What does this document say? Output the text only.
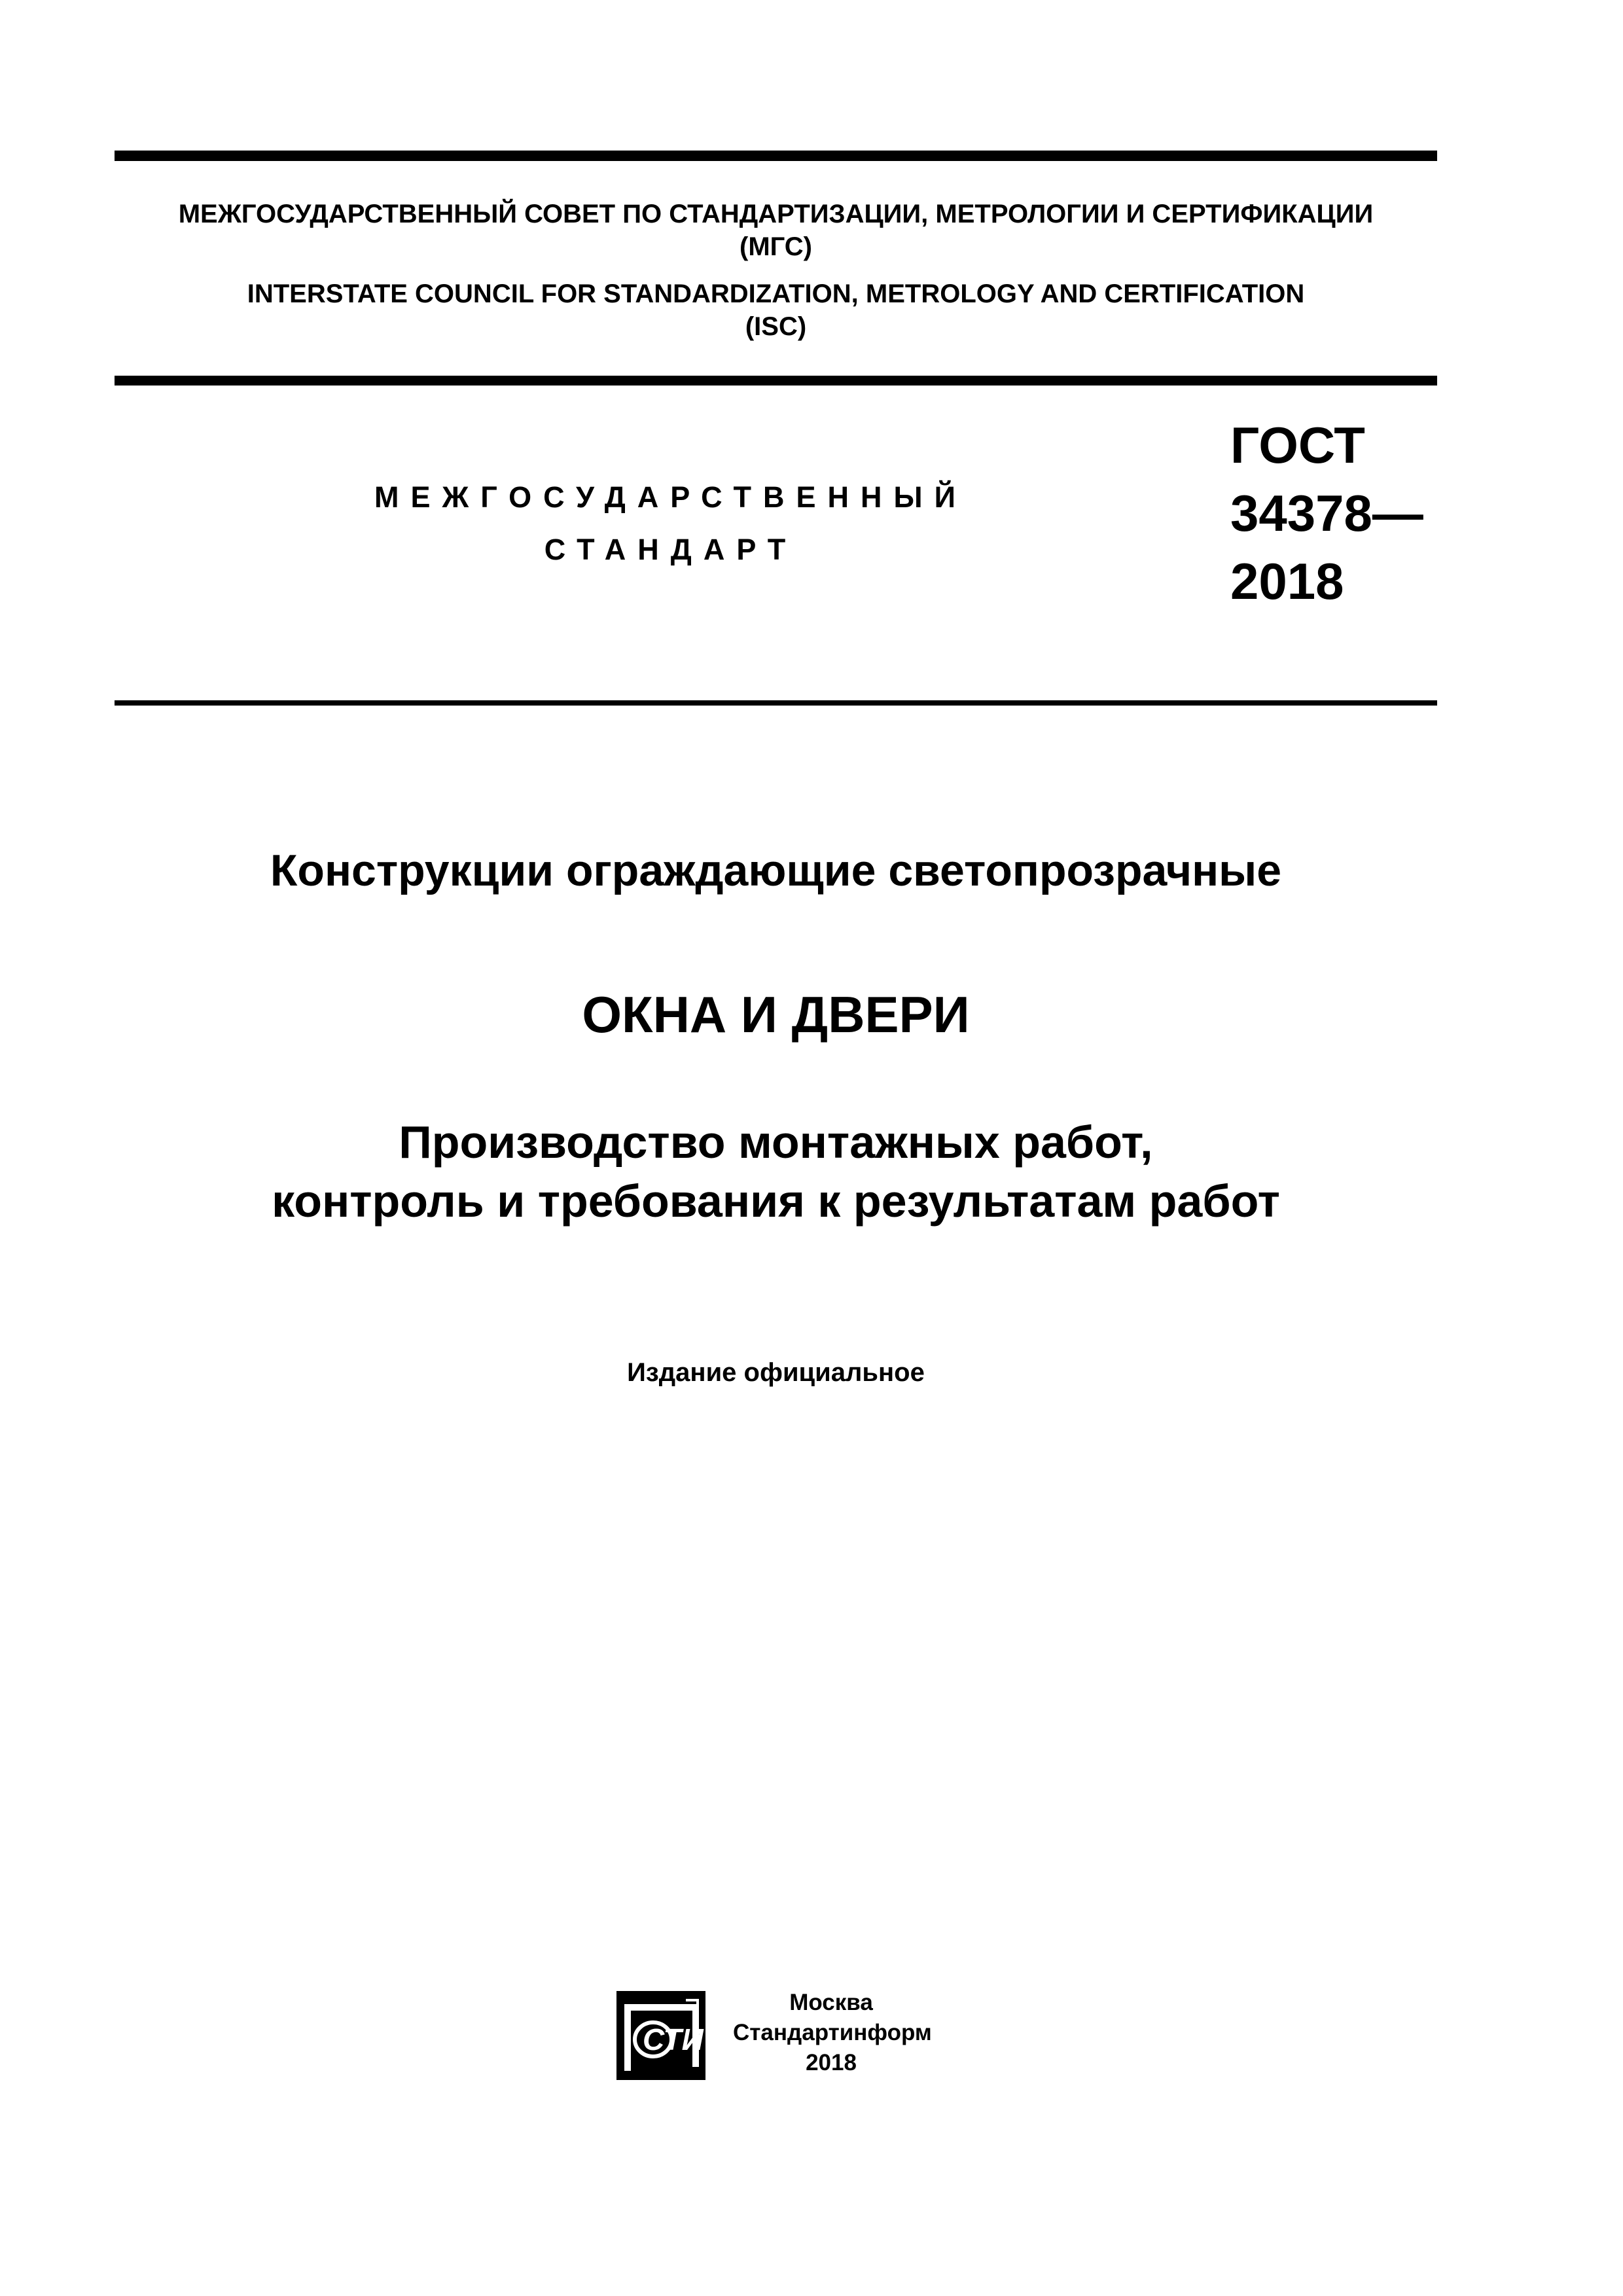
МЕЖГОСУДАРСТВЕННЫЙ СОВЕТ ПО СТАНДАРТИЗАЦИИ, МЕТРОЛОГИИ И СЕРТИФИКАЦИИ
(МГС)
INTERSTATE COUNCIL FOR STANDARDIZATION, METROLOGY AND CERTIFICATION
(ISC)
МЕЖГОСУДАРСТВЕННЫЙ
СТАНДАРТ
ГОСТ
34378—
2018
Конструкции ограждающие светопрозрачные
ОКНА И ДВЕРИ
Производство монтажных работ,
контроль и требования к результатам работ
Издание официальное
СТИ
Москва
Стандартинформ
2018
